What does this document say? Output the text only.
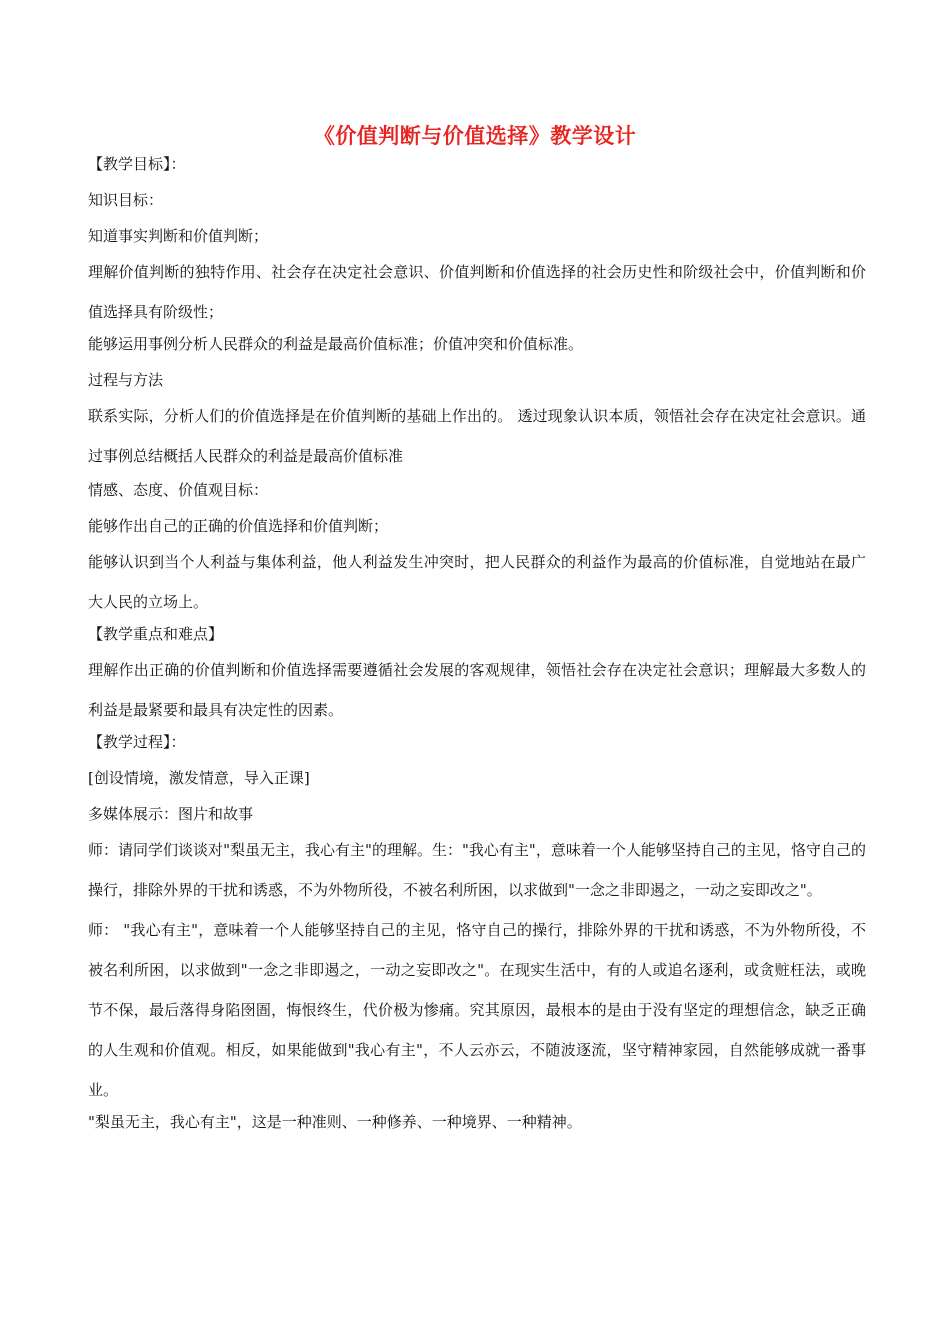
《价值判断与价值选择》教学设计

【教学目标】：

知识目标：

知道事实判断和价值判断；

理解价值判断的独特作用、社会存在决定社会意识、价值判断和价值选择的社会历史性和阶级社会中，价值判断和价值选择具有阶级性；

能够运用事例分析人民群众的利益是最高价值标准；价值冲突和价值标准。

过程与方法

联系实际，分析人们的价值选择是在价值判断的基础上作出的。 透过现象认识本质，领悟社会存在决定社会意识。通过事例总结概括人民群众的利益是最高价值标准

情感、态度、价值观目标：

能够作出自己的正确的价值选择和价值判断；

能够认识到当个人利益与集体利益，他人利益发生冲突时，把人民群众的利益作为最高的价值标准，自觉地站在最广大人民的立场上。

【教学重点和难点】

理解作出正确的价值判断和价值选择需要遵循社会发展的客观规律，领悟社会存在决定社会意识；理解最大多数人的利益是最紧要和最具有决定性的因素。

【教学过程】：

[创设情境，激发情意，导入正课]

多媒体展示：图片和故事

师：请同学们谈谈对"梨虽无主，我心有主"的理解。生："我心有主"，意味着一个人能够坚持自己的主见，恪守自己的操行，排除外界的干扰和诱惑，不为外物所役，不被名利所困，以求做到"一念之非即遏之，一动之妄即改之"。

师： "我心有主"，意味着一个人能够坚持自己的主见，恪守自己的操行，排除外界的干扰和诱惑，不为外物所役，不被名利所困，以求做到"一念之非即遏之，一动之妄即改之"。在现实生活中，有的人或追名逐利，或贪赃枉法，或晚节不保，最后落得身陷囹圄，悔恨终生，代价极为惨痛。究其原因，最根本的是由于没有坚定的理想信念，缺乏正确的人生观和价值观。相反，如果能做到"我心有主"，不人云亦云，不随波逐流，坚守精神家园，自然能够成就一番事业。

"梨虽无主，我心有主"，这是一种准则、一种修养、一种境界、一种精神。
